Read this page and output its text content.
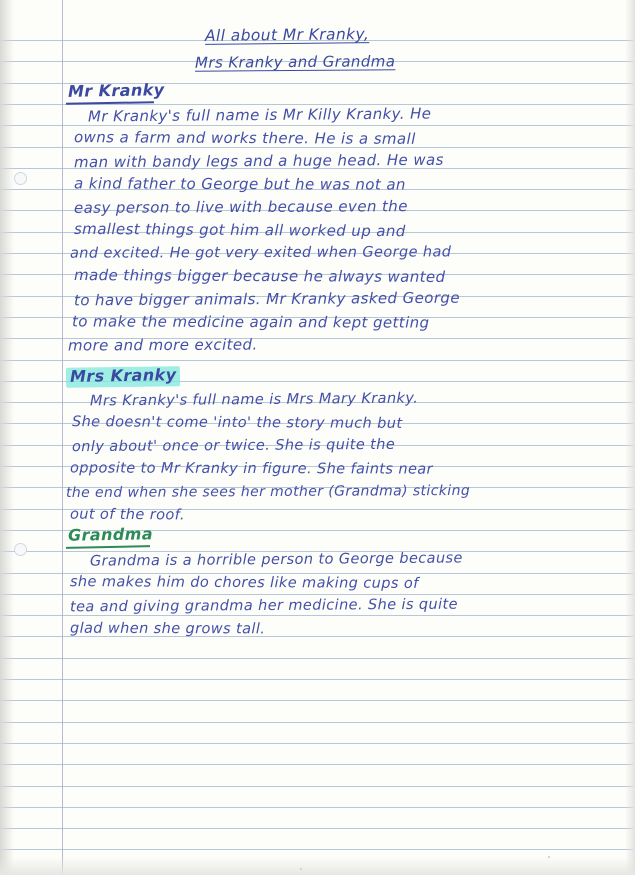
All about Mr Kranky,
Mrs Kranky and Grandma
Mr Kranky
Mr Kranky's full name is Mr Killy Kranky. He
owns a farm and works there. He is a small
man with bandy legs and a huge head. He was
a kind father to George but he was not an
easy person to live with because even the
smallest things got him all worked up and
and excited. He got very exited when George had
made things bigger because he always wanted
to have bigger animals. Mr Kranky asked George
to make the medicine again and kept getting
more and more excited.
Mrs Kranky
Mrs Kranky's full name is Mrs Mary Kranky.
She doesn't come 'into' the story much but
only about' once or twice. She is quite the
opposite to Mr Kranky in figure. She faints near
the end when she sees her mother (Grandma) sticking
out of the roof.
Grandma
Grandma is a horrible person to George because
she makes him do chores like making cups of
tea and giving grandma her medicine. She is quite
glad when she grows tall.
